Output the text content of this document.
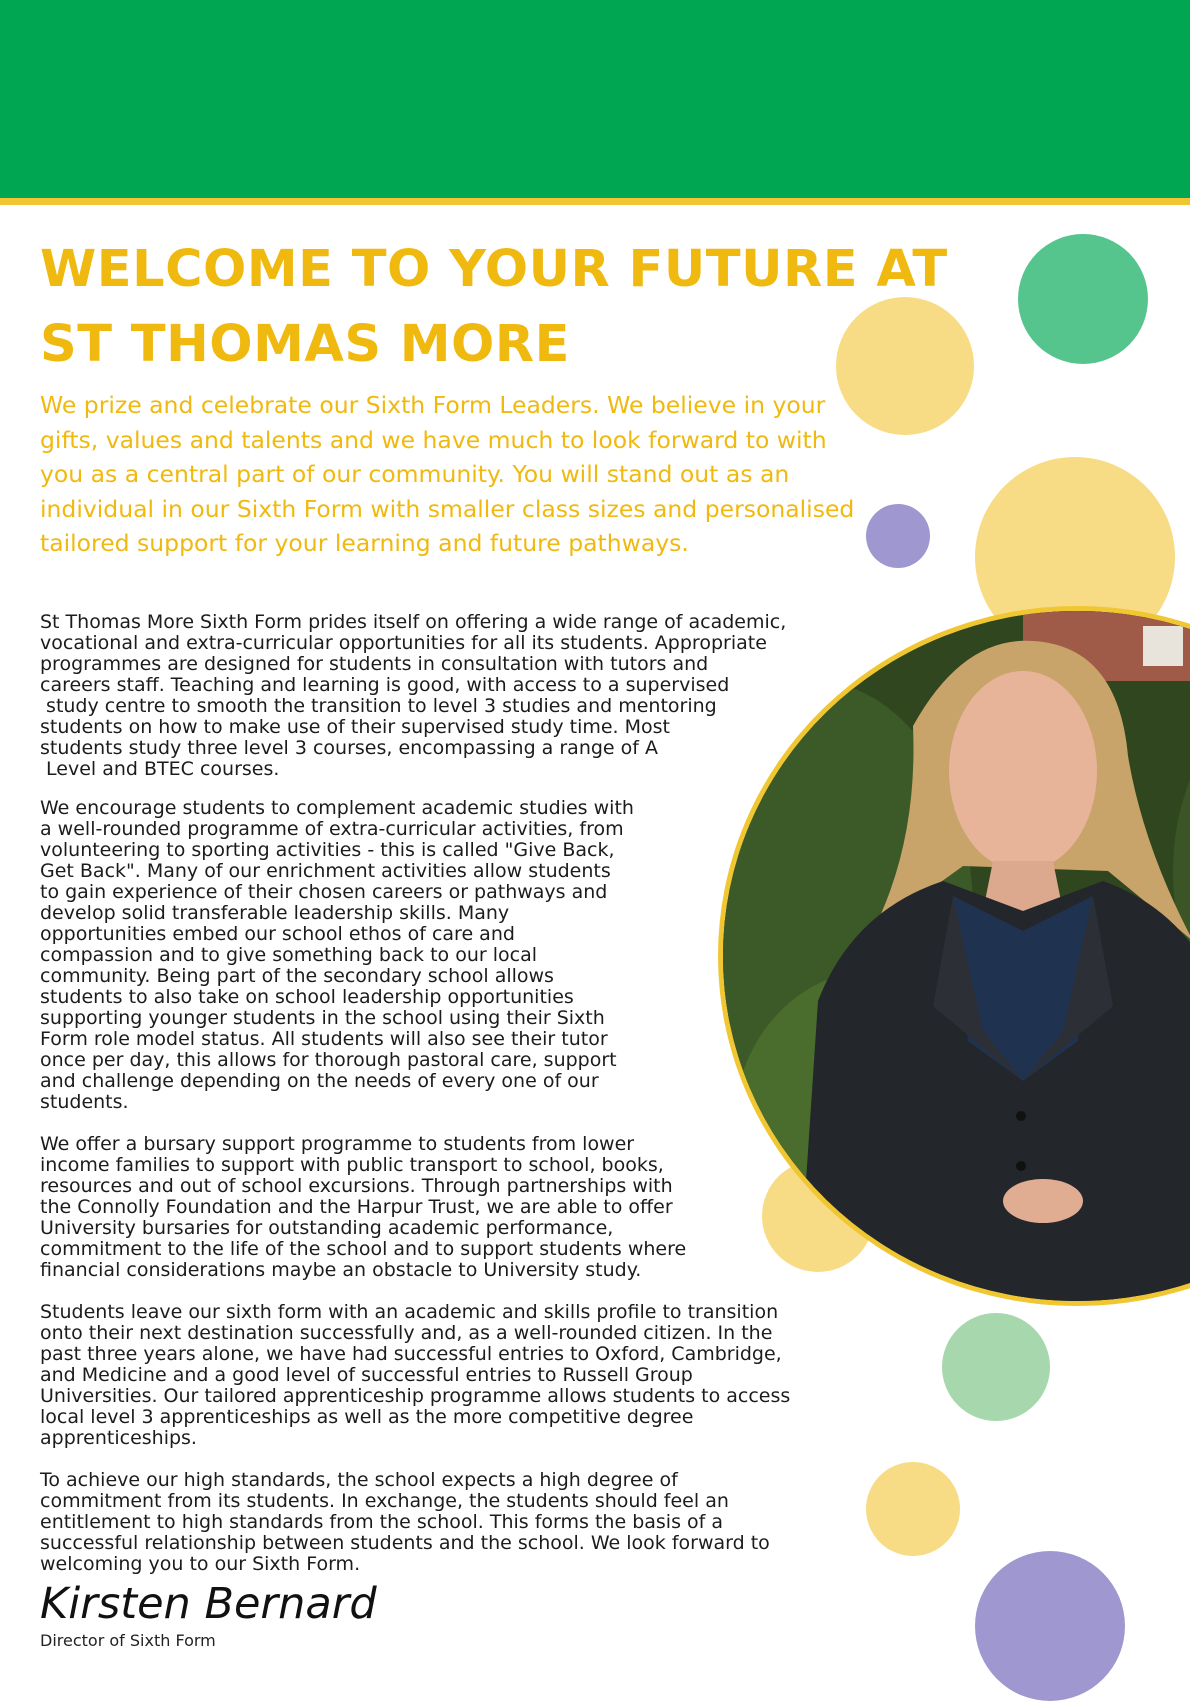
WELCOME TO YOUR FUTURE AT
ST THOMAS MORE

We prize and celebrate our Sixth Form Leaders. We believe in your gifts, values and talents and we have much to look forward to with you as a central part of our community. You will stand out as an individual in our Sixth Form with smaller class sizes and personalised tailored support for your learning and future pathways.

St Thomas More Sixth Form prides itself on offering a wide range of academic,
vocational and extra-curricular opportunities for all its students. Appropriate
programmes are designed for students in consultation with tutors and
careers staff. Teaching and learning is good, with access to a supervised
study centre to smooth the transition to level 3 studies and mentoring
students on how to make use of their supervised study time. Most
students study three level 3 courses, encompassing a range of A
Level and BTEC courses.

We encourage students to complement academic studies with
a well-rounded programme of extra-curricular activities, from
volunteering to sporting activities - this is called "Give Back,
Get Back". Many of our enrichment activities allow students
to gain experience of their chosen careers or pathways and
develop solid transferable leadership skills. Many
opportunities embed our school ethos of care and
compassion and to give something back to our local
community. Being part of the secondary school allows
students to also take on school leadership opportunities
supporting younger students in the school using their Sixth
Form role model status. All students will also see their tutor
once per day, this allows for thorough pastoral care, support
and challenge depending on the needs of every one of our
students.

We offer a bursary support programme to students from lower
income families to support with public transport to school, books,
resources and out of school excursions. Through partnerships with
the Connolly Foundation and the Harpur Trust, we are able to offer
University bursaries for outstanding academic performance,
commitment to the life of the school and to support students where
financial considerations maybe an obstacle to University study.

Students leave our sixth form with an academic and skills profile to transition
onto their next destination successfully and, as a well-rounded citizen. In the
past three years alone, we have had successful entries to Oxford, Cambridge,
and Medicine and a good level of successful entries to Russell Group
Universities. Our tailored apprenticeship programme allows students to access
local level 3 apprenticeships as well as the more competitive degree
apprenticeships.

To achieve our high standards, the school expects a high degree of
commitment from its students. In exchange, the students should feel an
entitlement to high standards from the school. This forms the basis of a
successful relationship between students and the school. We look forward to
welcoming you to our Sixth Form.

Kirsten Bernard

Director of Sixth Form
